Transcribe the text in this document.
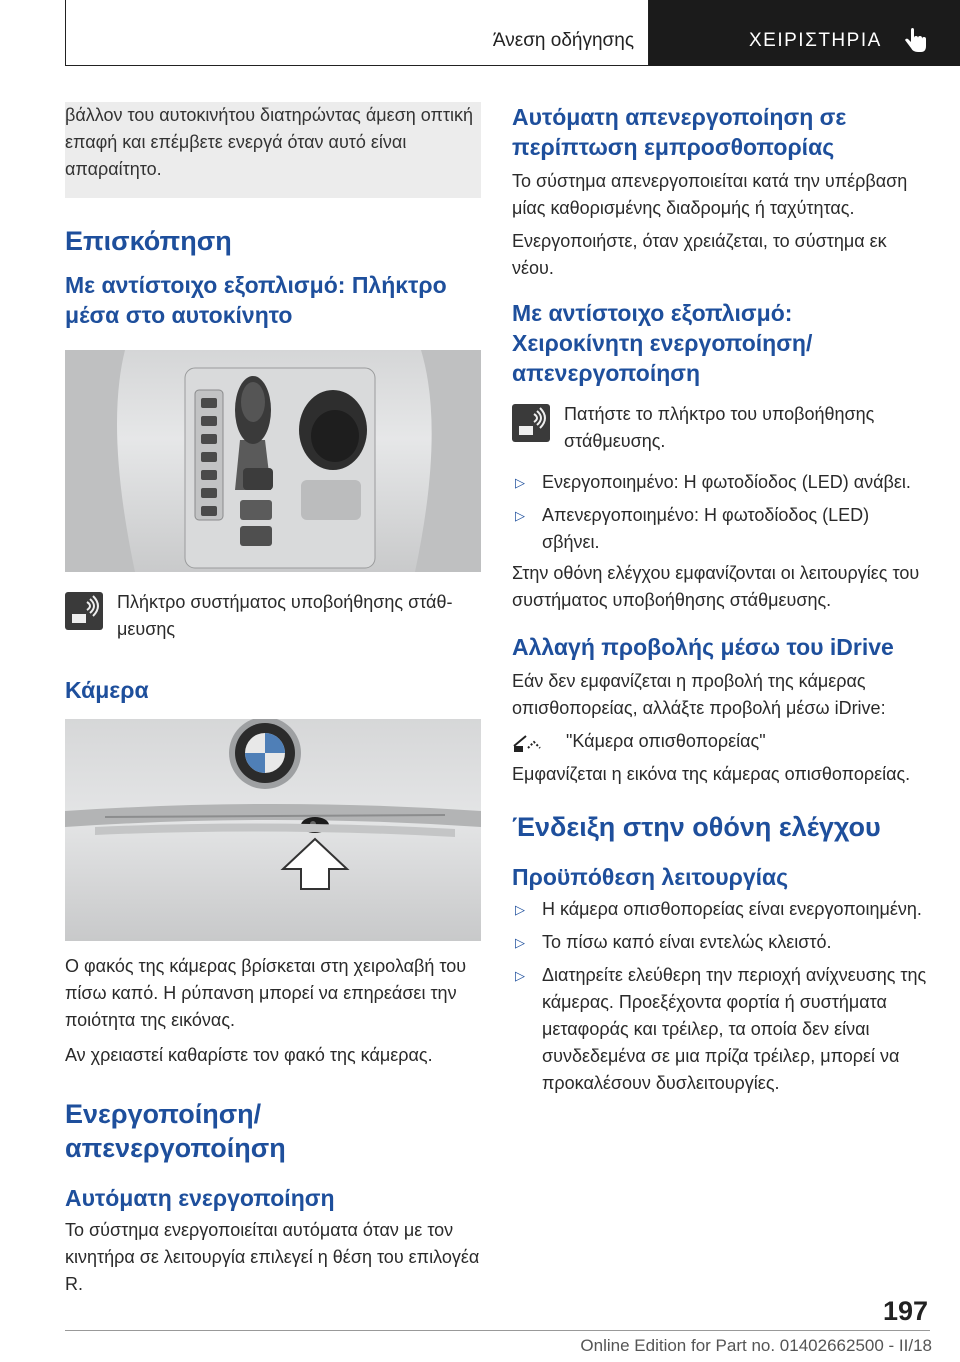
Άνεση οδήγησης	ΧΕΙΡΙΣΤΗΡΙΑ
βάλλον του αυτοκινήτου διατηρώντας άμεση οπτική επαφή και επέμβετε ενεργά όταν αυτό είναι απαραίτητο.
Επισκόπηση
Με αντίστοιχο εξοπλισμό: Πλήκτρο μέσα στο αυτοκίνητο
Πλήκτρο συστήματος υποβοήθησης στάθμευσης
Κάμερα
Ο φακός της κάμερας βρίσκεται στη χειρολαβή του πίσω καπό. Η ρύπανση μπορεί να επηρεάσει την ποιότητα της εικόνας.
Αν χρειαστεί καθαρίστε τον φακό της κάμερας.
Ενεργοποίηση/απενεργοποίηση
Αυτόματη ενεργοποίηση
Το σύστημα ενεργοποιείται αυτόματα όταν με τον κινητήρα σε λειτουργία επιλεγεί η θέση του επιλογέα R.
Αυτόματη απενεργοποίηση σε περίπτωση εμπροσθοπορίας
Το σύστημα απενεργοποιείται κατά την υπέρβαση μίας καθορισμένης διαδρομής ή ταχύτητας.
Ενεργοποιήστε, όταν χρειάζεται, το σύστημα εκ νέου.
Με αντίστοιχο εξοπλισμό: Χειροκίνητη ενεργοποίηση/ απενεργοποίηση
Πατήστε το πλήκτρο του υποβοήθησης στάθμευσης.
▷ Ενεργοποιημένο: Η φωτοδίοδος (LED) ανάβει.
▷ Απενεργοποιημένο: Η φωτοδίοδος (LED) σβήνει.
Στην οθόνη ελέγχου εμφανίζονται οι λειτουργίες του συστήματος υποβοήθησης στάθμευσης.
Αλλαγή προβολής μέσω του iDrive
Εάν δεν εμφανίζεται η προβολή της κάμερας οπισθοπορείας, αλλάξτε προβολή μέσω iDrive:
"Κάμερα οπισθοπορείας"
Εμφανίζεται η εικόνα της κάμερας οπισθοπορείας.
Ένδειξη στην οθόνη ελέγχου
Προϋπόθεση λειτουργίας
▷ Η κάμερα οπισθοπορείας είναι ενεργοποιημένη.
▷ Το πίσω καπό είναι εντελώς κλειστό.
▷ Διατηρείτε ελεύθερη την περιοχή ανίχνευσης της κάμερας. Προεξέχοντα φορτία ή συστήματα μεταφοράς και τρέιλερ, τα οποία δεν είναι συνδεδεμένα σε μια πρίζα τρέιλερ, μπορεί να προκαλέσουν δυσλειτουργίες.
197
Online Edition for Part no. 01402662500 - II/18
